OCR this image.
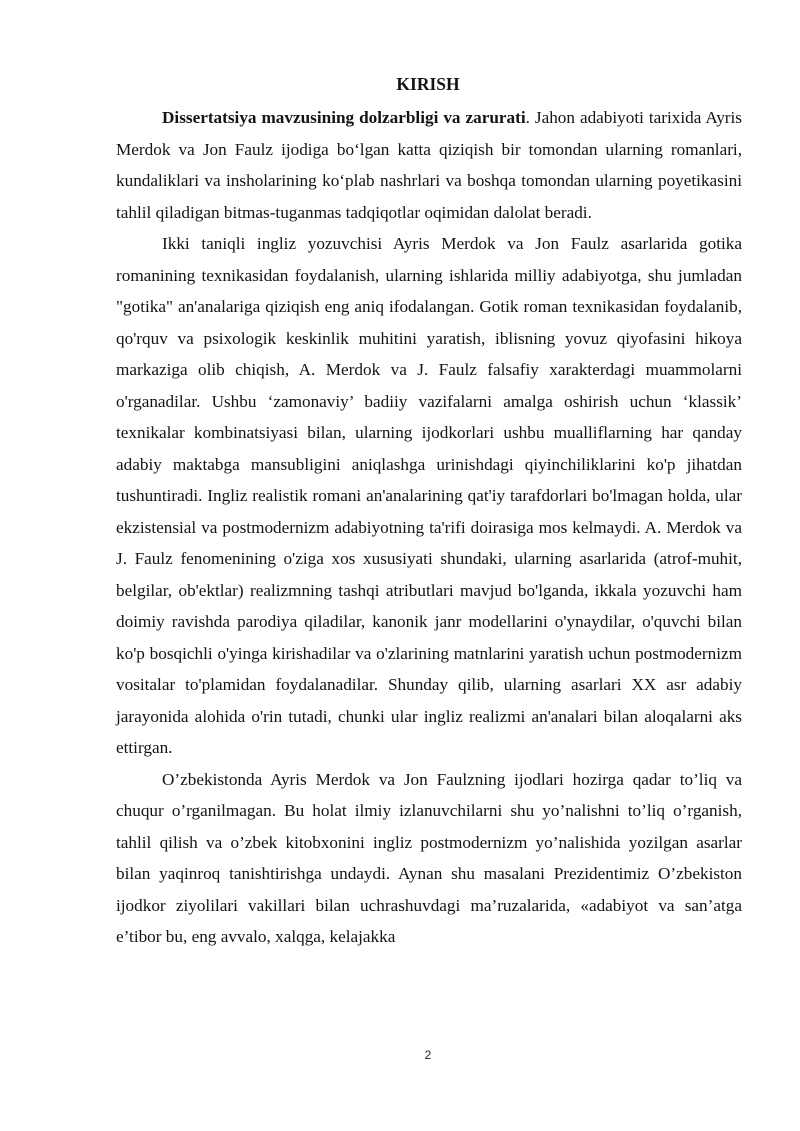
KIRISH

Dissertatsiya mavzusining dolzarbligi va zarurati. Jahon adabiyoti tarixida Ayris Merdok va Jon Faulz ijodiga bo‘lgan katta qiziqish bir tomondan ularning romanlari, kundaliklari va insholarining ko‘plab nashrlari va boshqa tomondan ularning poyetikasini tahlil qiladigan bitmas-tuganmas tadqiqotlar oqimidan dalolat beradi.

Ikki taniqli ingliz yozuvchisi Ayris Merdok va Jon Faulz asarlarida gotika romanining texnikasidan foydalanish, ularning ishlarida milliy adabiyotga, shu jumladan "gotika" an'analariga qiziqish eng aniq ifodalangan. Gotik roman texnikasidan foydalanib, qo'rquv va psixologik keskinlik muhitini yaratish, iblisning yovuz qiyofasini hikoya markaziga olib chiqish, A. Merdok va J. Faulz falsafiy xarakterdagi muammolarni o'rganadilar. Ushbu ‘zamonaviy’ badiiy vazifalarni amalga oshirish uchun ‘klassik’ texnikalar kombinatsiyasi bilan, ularning ijodkorlari ushbu mualliflarning har qanday adabiy maktabga mansubligini aniqlashga urinishdagi qiyinchiliklarini ko'p jihatdan tushuntiradi. Ingliz realistik romani an'analarining qat'iy tarafdorlari bo'lmagan holda, ular ekzistensial va postmodernizm adabiyotning ta'rifi doirasiga mos kelmaydi. A. Merdok va J. Faulz fenomenining o'ziga xos xususiyati shundaki, ularning asarlarida (atrof-muhit, belgilar, ob'ektlar) realizmning tashqi atributlari mavjud bo'lganda, ikkala yozuvchi ham doimiy ravishda parodiya qiladilar, kanonik janr modellarini o'ynaydilar, o'quvchi bilan ko'p bosqichli o'yinga kirishadilar va o'zlarining matnlarini yaratish uchun postmodernizm vositalar to'plamidan foydalanadilar. Shunday qilib, ularning asarlari XX asr adabiy jarayonida alohida o'rin tutadi, chunki ular ingliz realizmi an'analari bilan aloqalarni aks ettirgan.

O’zbekistonda Ayris Merdok va Jon Faulzning ijodlari hozirga qadar to’liq va chuqur o’rganilmagan. Bu holat ilmiy izlanuvchilarni shu yo’nalishni to’liq o’rganish, tahlil qilish va o’zbek kitobxonini ingliz postmodernizm yo’nalishida yozilgan asarlar bilan yaqinroq tanishtirishga undaydi. Aynan shu masalani Prezidentimiz O’zbekiston ijodkor ziyolilari vakillari bilan uchrashuvdagi ma’ruzalarida, «adabiyot va san’atga e’tibor bu, eng avvalo, xalqga, kelajakka

2
